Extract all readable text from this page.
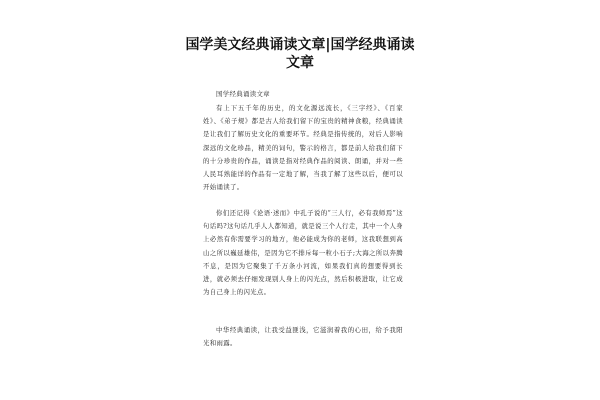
国学美文经典诵读文章|国学经典诵读
文章
国学经典诵读文章

有上下五千年的历史，的文化源远流长，《三字经》、《百家姓》、《弟子规》都是古人给我们留下的宝贵的精神食粮，经典诵读是让我们了解历史文化的重要环节。经典是指传统的，对后人影响深远的文化珍品，精美的词句，警示的格言，都是前人给我们留下的十分珍贵的作品，诵读是指对经典作品的阅读、朗诵，并对一些人民耳熟能详的作品有一定地了解，当我了解了这些以后，便可以开始诵读了。

你们还记得《论语·述而》中孔子说的“三人行，必有我师焉”这句话吗?这句话几乎人人都知道，就是说三个人行走，其中一个人身上必然有你需要学习的地方，他必能成为你的老师，这我联想到高山之所以巍延雄伟，是因为它不排斥每一粒小石子;大海之所以奔腾不息，是因为它聚集了千万条小河流，如果我们真的想要得到长进，就必须去仔细发现别人身上的闪光点，然后积极进取，让它成为自己身上的闪光点。

中华经典诵读，让我受益匪浅，它滋润着我的心田，给予我阳光和雨露。
